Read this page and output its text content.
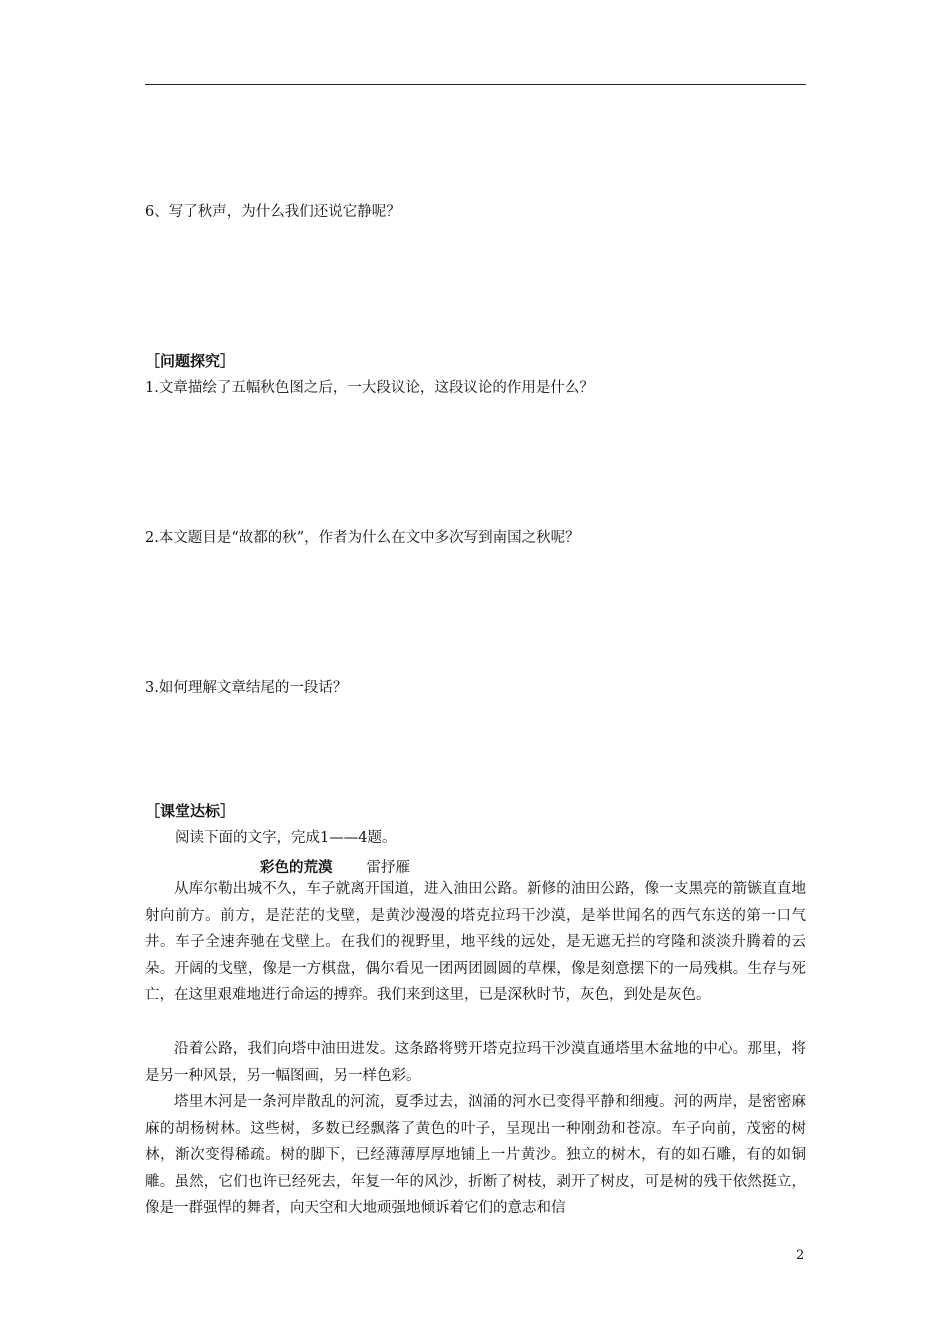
6、写了秋声，为什么我们还说它静呢？
［问题探究］
1.文章描绘了五幅秋色图之后，一大段议论，这段议论的作用是什么？
2.本文题目是“故都的秋”，作者为什么在文中多次写到南国之秋呢？
3.如何理解文章结尾的一段话？
［课堂达标］
阅读下面的文字，完成1——4题。
彩色的荒漠 雷抒雁
从库尔勒出城不久，车子就离开国道，进入油田公路。新修的油田公路，像一支黑亮的箭镞直直地射向前方。前方，是茫茫的戈壁，是黄沙漫漫的塔克拉玛干沙漠，是举世闻名的西气东送的第一口气井。车子全速奔驰在戈壁上。在我们的视野里，地平线的远处，是无遮无拦的穹隆和淡淡升腾着的云朵。开阔的戈壁，像是一方棋盘，偶尔看见一团两团圆圆的草棵，像是刻意摆下的一局残棋。生存与死亡，在这里艰难地进行命运的搏弈。我们来到这里，已是深秋时节，灰色，到处是灰色。
沿着公路，我们向塔中油田进发。这条路将劈开塔克拉玛干沙漠直通塔里木盆地的中心。那里，将是另一种风景，另一幅图画，另一样色彩。
塔里木河是一条河岸散乱的河流，夏季过去，汹涌的河水已变得平静和细瘦。河的两岸，是密密麻麻的胡杨树林。这些树，多数已经飘落了黄色的叶子，呈现出一种刚劲和苍凉。车子向前，茂密的树林，渐次变得稀疏。树的脚下，已经薄薄厚厚地铺上一片黄沙。独立的树木，有的如石雕，有的如铜雕。虽然，它们也许已经死去，年复一年的风沙，折断了树枝，剥开了树皮，可是树的残干依然挺立，像是一群强悍的舞者，向天空和大地顽强地倾诉着它们的意志和信
2
